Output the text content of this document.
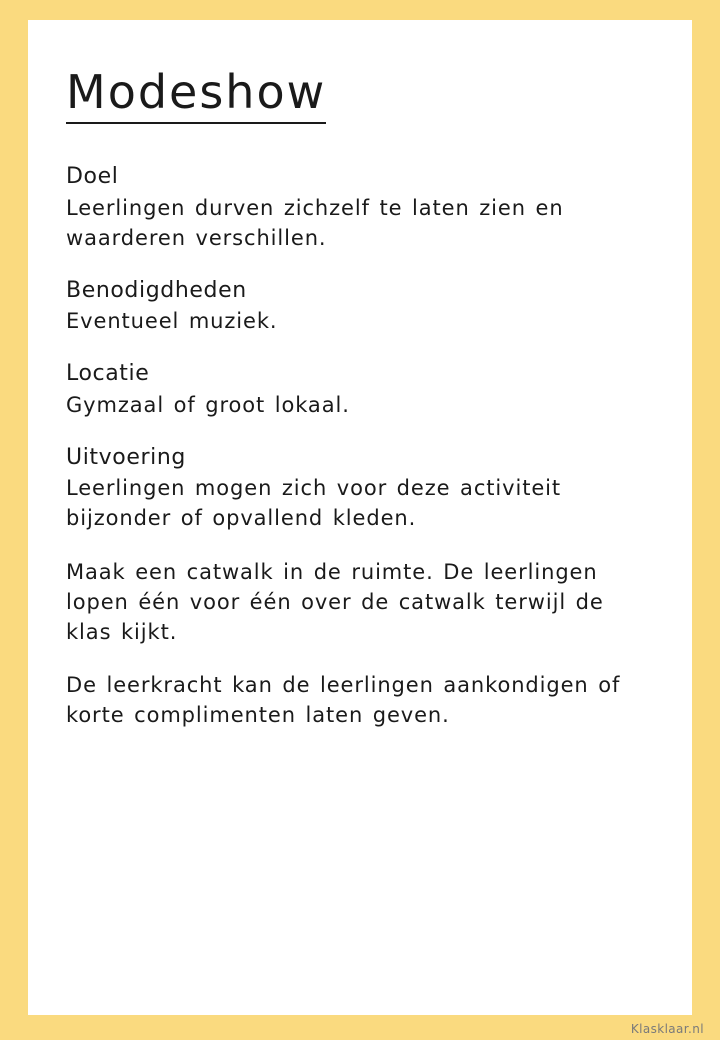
Modeshow
Doel

Leerlingen durven zichzelf te laten zien en waarderen verschillen.

Benodigdheden

Eventueel muziek.

Locatie

Gymzaal of groot lokaal.

Uitvoering

Leerlingen mogen zich voor deze activiteit bijzonder of opvallend kleden.

Maak een catwalk in de ruimte. De leerlingen lopen één voor één over de catwalk terwijl de klas kijkt.

De leerkracht kan de leerlingen aankondigen of korte complimenten laten geven.

Klasklaar.nl
